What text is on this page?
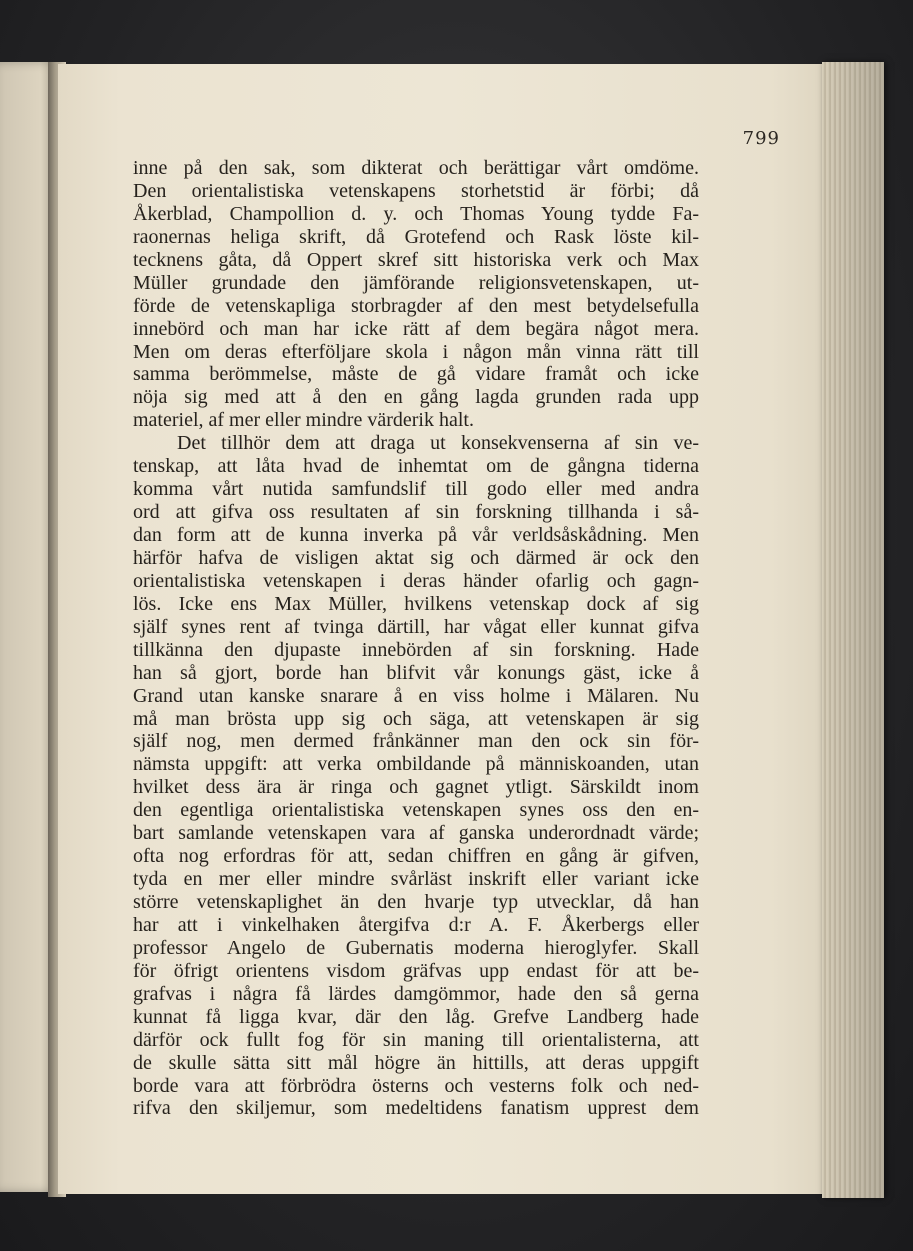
799
inne på den sak, som dikterat och berättigar vårt omdöme.
Den orientalistiska vetenskapens storhetstid är förbi; då
Åkerblad, Champollion d. y. och Thomas Young tydde Fa-
raonernas heliga skrift, då Grotefend och Rask löste kil-
tecknens gåta, då Oppert skref sitt historiska verk och Max
Müller grundade den jämförande religionsvetenskapen, ut-
förde de vetenskapliga storbragder af den mest betydelsefulla
innebörd och man har icke rätt af dem begära något mera.
Men om deras efterföljare skola i någon mån vinna rätt till
samma berömmelse, måste de gå vidare framåt och icke
nöja sig med att å den en gång lagda grunden rada upp
materiel, af mer eller mindre värderik halt.
Det tillhör dem att draga ut konsekvenserna af sin ve-
tenskap, att låta hvad de inhemtat om de gångna tiderna
komma vårt nutida samfundslif till godo eller med andra
ord att gifva oss resultaten af sin forskning tillhanda i så-
dan form att de kunna inverka på vår verldsåskådning. Men
härför hafva de visligen aktat sig och därmed är ock den
orientalistiska vetenskapen i deras händer ofarlig och gagn-
lös. Icke ens Max Müller, hvilkens vetenskap dock af sig
själf synes rent af tvinga därtill, har vågat eller kunnat gifva
tillkänna den djupaste innebörden af sin forskning. Hade
han så gjort, borde han blifvit vår konungs gäst, icke å
Grand utan kanske snarare å en viss holme i Mälaren. Nu
må man brösta upp sig och säga, att vetenskapen är sig
själf nog, men dermed frånkänner man den ock sin för-
nämsta uppgift: att verka ombildande på människoanden, utan
hvilket dess ära är ringa och gagnet ytligt. Särskildt inom
den egentliga orientalistiska vetenskapen synes oss den en-
bart samlande vetenskapen vara af ganska underordnadt värde;
ofta nog erfordras för att, sedan chiffren en gång är gifven,
tyda en mer eller mindre svårläst inskrift eller variant icke
större vetenskaplighet än den hvarje typ utvecklar, då han
har att i vinkelhaken återgifva d:r A. F. Åkerbergs eller
professor Angelo de Gubernatis moderna hieroglyfer. Skall
för öfrigt orientens visdom gräfvas upp endast för att be-
grafvas i några få lärdes damgömmor, hade den så gerna
kunnat få ligga kvar, där den låg. Grefve Landberg hade
därför ock fullt fog för sin maning till orientalisterna, att
de skulle sätta sitt mål högre än hittills, att deras uppgift
borde vara att förbrödra österns och vesterns folk och ned-
rifva den skiljemur, som medeltidens fanatism upprest dem
